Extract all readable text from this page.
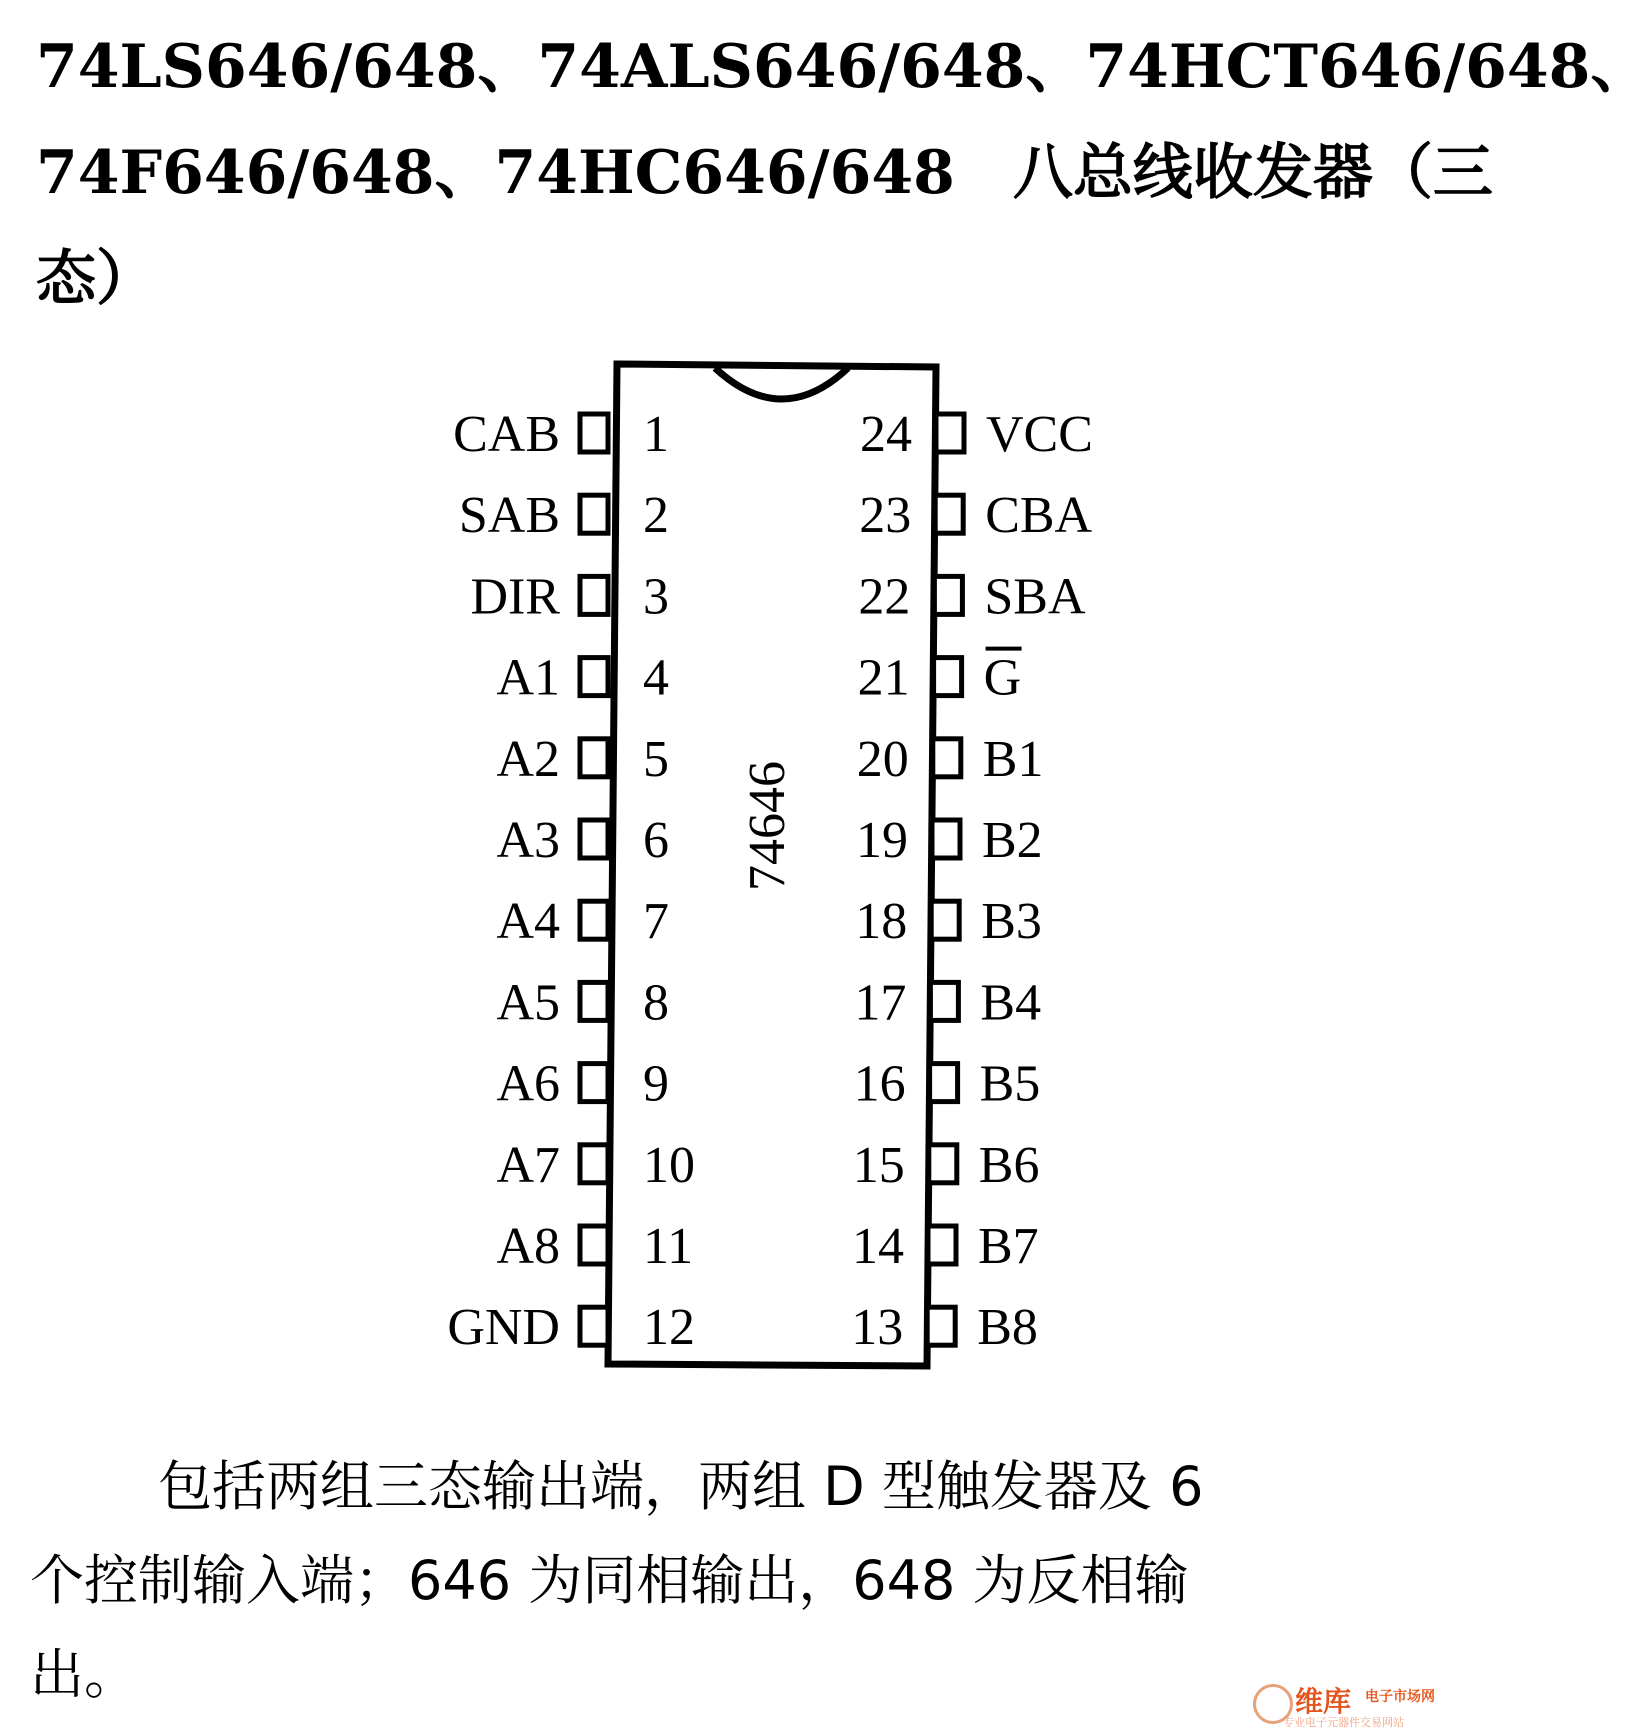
74LS646/648、74ALS646/648、74HCT646/648、
74F646/648、74HC646/648 八总线收发器（三
态）
74646
1
CAB
2
SAB
3
DIR
4
A1
5
A2
6
A3
7
A4
8
A5
9
A6
10
A7
11
A8
12
GND
24 VCC
23 CBA
22 SBA
21 G
20 B1
19 B2
18 B3
17 B4
16 B5
15 B6
14 B7
13 B8
包括两组三态输出端，两组 D 型触发器及 6
个控制输入端；646 为同相输出，648 为反相输
出。	维库 电子市场网
专业电子元器件交易网站
